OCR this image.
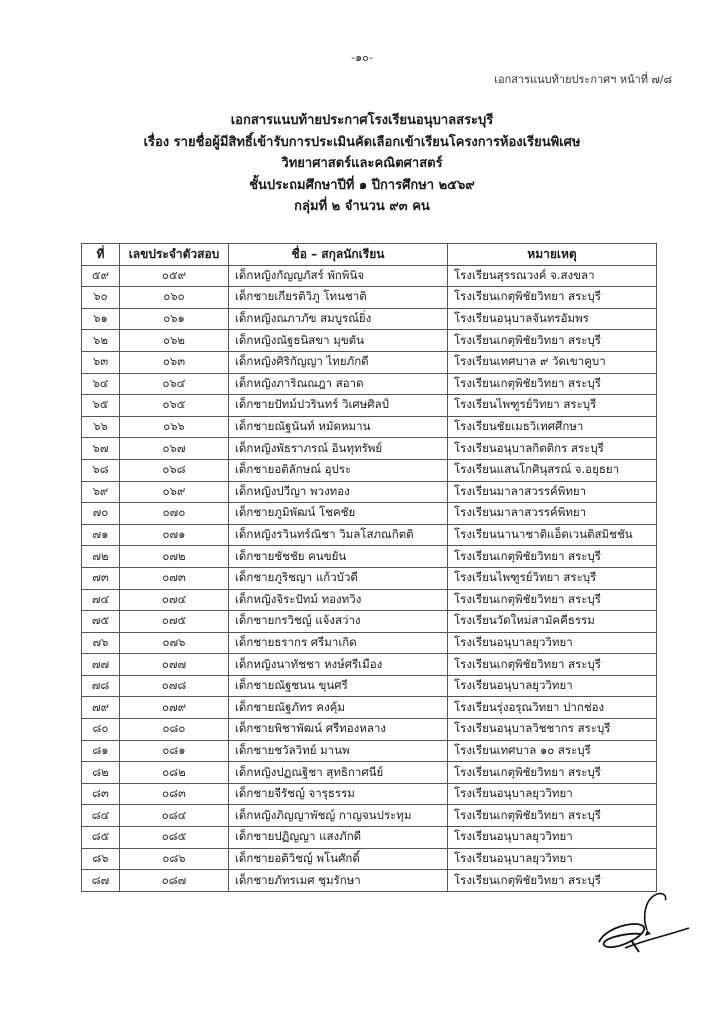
-๑๐-
เอกสารแนบท้ายประกาศฯ หน้าที่ ๗/๘
เอกสารแนบท้ายประกาศโรงเรียนอนุบาลสระบุรี
เรื่อง รายชื่อผู้มีสิทธิ์เข้ารับการประเมินคัดเลือกเข้าเรียนโครงการห้องเรียนพิเศษ
วิทยาศาสตร์และคณิตศาสตร์
ชั้นประถมศึกษาปีที่ ๑ ปีการศึกษา ๒๕๖๙
กลุ่มที่ ๒ จำนวน ๙๓ คน
ที่	เลขประจำตัวสอบ	ชื่อ – สกุลนักเรียน	หมายเหตุ
๕๙	๐๕๙	เด็กหญิงกัญญภัสร์ พักพินิจ	โรงเรียนสุรรณวงค์ จ.สงขลา
๖๐	๐๖๐	เด็กชายเกียรติวิภู โทนชาติ	โรงเรียนเกตุพิชัยวิทยา สระบุรี
๖๑	๐๖๑	เด็กหญิงณภาภัข สมบูรณ์ยิ่ง	โรงเรียนอนุบาลจันทรอัมพร
๖๒	๐๖๒	เด็กหญิงณัฐธนิสขา มุขตัน	โรงเรียนเกตุพิชัยวิทยา สระบุรี
๖๓	๐๖๓	เด็กหญิงศิริกัญญา ไทยภักดี	โรงเรียนเทศบาล ๙ วัดเขาคูบา
๖๔	๐๖๔	เด็กหญิงภาริณณฎา สอาด	โรงเรียนเกตุพิชัยวิทยา สระบุรี
๖๕	๐๖๕	เด็กชายปัทม์ปวรินทร์ วิเศษศิลป์	โรงเรียนไพฑูรย์วิทยา สระบุรี
๖๖	๐๖๖	เด็กชายณัฐนันท์ หมัดหมาน	โรงเรียนชัยเมธวิเทศศึกษา
๖๗	๐๖๗	เด็กหญิงพัธราภรณ์ อินทุทรัพย์	โรงเรียนอนุบาลกิตติกร สระบุรี
๖๘	๐๖๘	เด็กชายอติลักษณ์ อุประ	โรงเรียนแสนโกศินุสรณ์ จ.อยุธยา
๖๙	๐๖๙	เด็กหญิงปวีญา พวงทอง	โรงเรียนมาลาสวรรค์พิทยา
๗๐	๐๗๐	เด็กชายภูมิพัฒน์ โชคชัย	โรงเรียนมาลาสวรรค์พิทยา
๗๑	๐๗๑	เด็กหญิงรวินทร์ณิชา วิมลโสภณกิตติ	โรงเรียนนานาชาติแอ็ดเวนติสมิชชัน
๗๒	๐๗๒	เด็กชายชัชชัย คนขยัน	โรงเรียนเกตุพิชัยวิทยา สระบุรี
๗๓	๐๗๓	เด็กชายภูริชญา แก้วบัวดี	โรงเรียนไพฑูรย์วิทยา สระบุรี
๗๔	๐๗๔	เด็กหญิงจิระปัทม์ ทองทวิง	โรงเรียนเกตุพิชัยวิทยา สระบุรี
๗๕	๐๗๕	เด็กชายกรวิชญ์ แจ้งสว่าง	โรงเรียนวัดใหม่สามัคคีธรรม
๗๖	๐๗๖	เด็กชายธรากร ศรีมาเกิด	โรงเรียนอนุบาลยุววิทยา
๗๗	๐๗๗	เด็กหญิงนาทัชชา หงษ์ศรีเมือง	โรงเรียนเกตุพิชัยวิทยา สระบุรี
๗๘	๐๗๘	เด็กชายณัฐชนน ขุนศรี	โรงเรียนอนุบาลยุววิทยา
๗๙	๐๗๙	เด็กชายณัฐภัทร คงคุ้ม	โรงเรียนรุ่งอรุณวิทยา ปากช่อง
๘๐	๐๘๐	เด็กชายพิชาพัฒน์ ศรีทองหลาง	โรงเรียนอนุบาลวิชชากร สระบุรี
๘๑	๐๘๑	เด็กชายชวัลวิทย์ มานพ	โรงเรียนเทศบาล ๑๐ สระบุรี
๘๒	๐๘๒	เด็กหญิงปฏณฐิชา สุทธิกาศนีย์	โรงเรียนเกตุพิชัยวิทยา สระบุรี
๘๓	๐๘๓	เด็กชายจีรัชญ์ จารุธรรม	โรงเรียนอนุบาลยุววิทยา
๘๔	๐๘๔	เด็กหญิงภิญญาพัชญ์ กาญจนประทุม	โรงเรียนเกตุพิชัยวิทยา สระบุรี
๘๕	๐๘๕	เด็กชายปฏิญญา แสงภักดี	โรงเรียนอนุบาลยุววิทยา
๘๖	๐๘๖	เด็กชายอติวิชญ์ พโนศักดิ์	โรงเรียนอนุบาลยุววิทยา
๘๗	๐๘๗	เด็กชายภัทรเมศ ชุมรักษา	โรงเรียนเกตุพิชัยวิทยา สระบุรี
